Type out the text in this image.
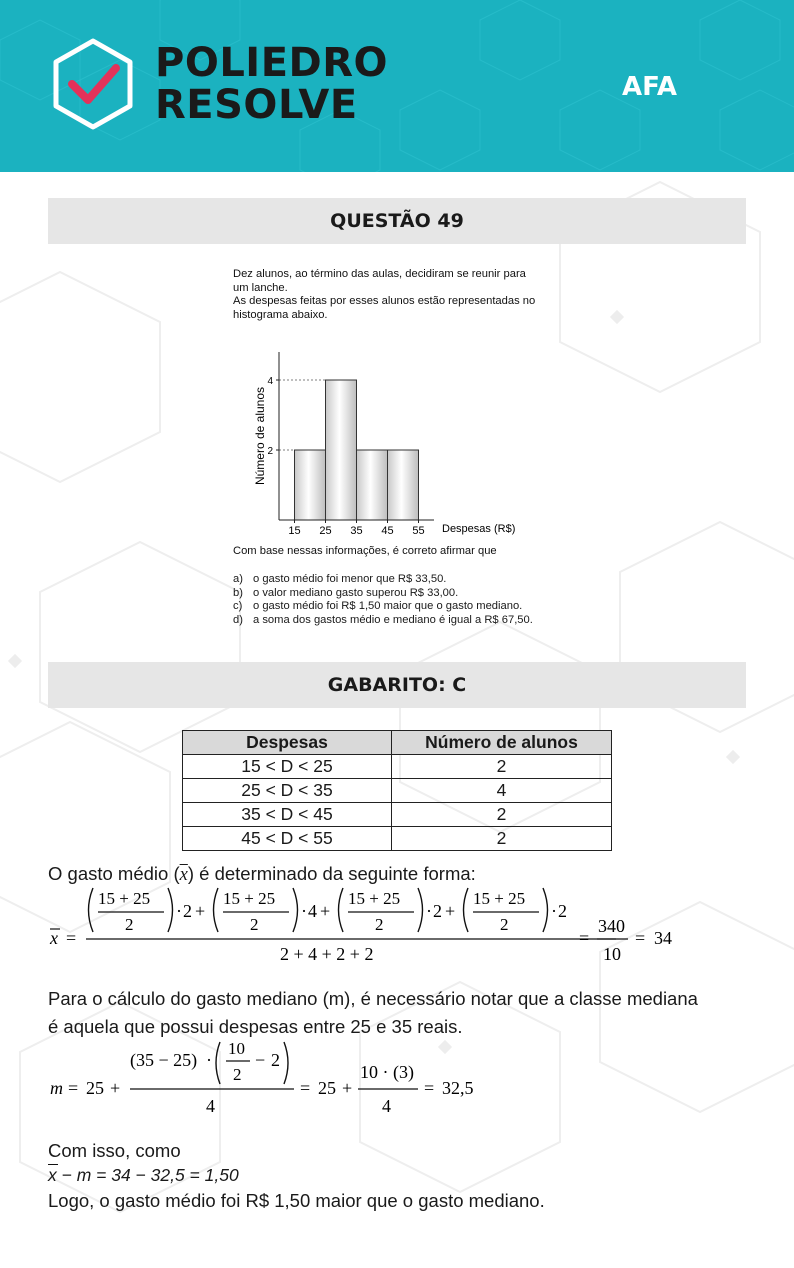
POLIEDRO
RESOLVE	AFA
QUESTÃO 49
Dez alunos, ao término das aulas, decidiram se reunir para
um lanche.
As despesas feitas por esses alunos estão representadas no
histograma abaixo.
15 25 35 45 55
2
4
Despesas (R$)
Número de alunos
Com base nessas informações, é correto afirmar que
a) o gasto médio foi menor que R$ 33,50.
b) o valor mediano gasto superou R$ 33,00.
c) o gasto médio foi R$ 1,50 maior que o gasto mediano.
d) a soma dos gastos médio e mediano é igual a R$ 67,50.
GABARITO: C
Despesas	Número de alunos
15 < D < 25	2
25 < D < 35	4
35 < D < 45	2
45 < D < 55	2
O gasto médio $(\overline{x})$ é determinado da seguinte forma:
x =
15 + 25
2
· 2 +
15 + 25
2
· 4 +
15 + 25
2
· 2 +
15 + 25
2
· 2
2 + 4 + 2 + 2
=
340
10
= 34
Para o cálculo do gasto mediano (m), é necessário notar que a classe mediana
é aquela que possui despesas entre 25 e 35 reais.
m = 25 +
(35 − 25) ·
10
2
− 2
4
= 25 +
10 · (3)
4
= 32,5
Com isso, como
x − m = 34 − 32,5 = 1,50
Logo, o gasto médio foi R$ 1,50 maior que o gasto mediano.
